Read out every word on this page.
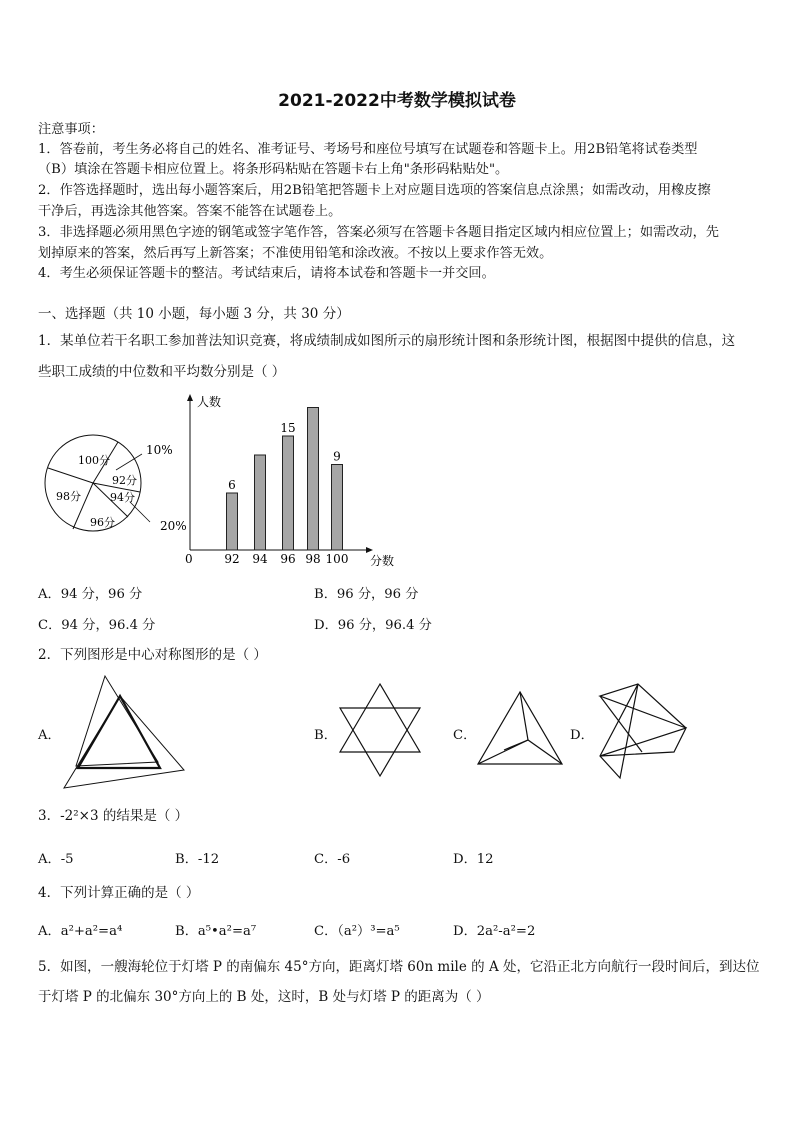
2021-2022中考数学模拟试卷
注意事项：
1．答卷前，考生务必将自己的姓名、准考证号、考场号和座位号填写在试题卷和答题卡上。用2B铅笔将试卷类型
（B）填涂在答题卡相应位置上。将条形码粘贴在答题卡右上角"条形码粘贴处"。
2．作答选择题时，选出每小题答案后，用2B铅笔把答题卡上对应题目选项的答案信息点涂黑；如需改动，用橡皮擦
干净后，再选涂其他答案。答案不能答在试题卷上。
3．非选择题必须用黑色字迹的钢笔或签字笔作答，答案必须写在答题卡各题目指定区域内相应位置上；如需改动，先
划掉原来的答案，然后再写上新答案；不准使用铅笔和涂改液。不按以上要求作答无效。
4．考生必须保证答题卡的整洁。考试结束后，请将本试卷和答题卡一并交回。
一、选择题（共 10 小题，每小题 3 分，共 30 分）
1．某单位若干名职工参加普法知识竞赛，将成绩制成如图所示的扇形统计图和条形统计图，根据图中提供的信息，这
些职工成绩的中位数和平均数分别是（ ）
100分
92分
94分
96分
98分
10%
20%
人数
分数
0	92
6
94 96
15
98 100
9
A．94 分，96 分	B．96 分，96 分
C．94 分，96.4 分	D．96 分，96.4 分
2．下列图形是中心对称图形的是（ ）
A．	B．	C．	D．
3．-2²×3 的结果是（ ）
A．-5	B．-12	C．-6	D．12
4．下列计算正确的是（ ）
A．a²+a²=a⁴	B．a⁵•a²=a⁷	C．（a²）³=a⁵	D．2a²-a²=2
5．如图，一艘海轮位于灯塔 P 的南偏东 45°方向，距离灯塔 60n mile 的 A 处，它沿正北方向航行一段时间后，到达位
于灯塔 P 的北偏东 30°方向上的 B 处，这时，B 处与灯塔 P 的距离为（ ）
